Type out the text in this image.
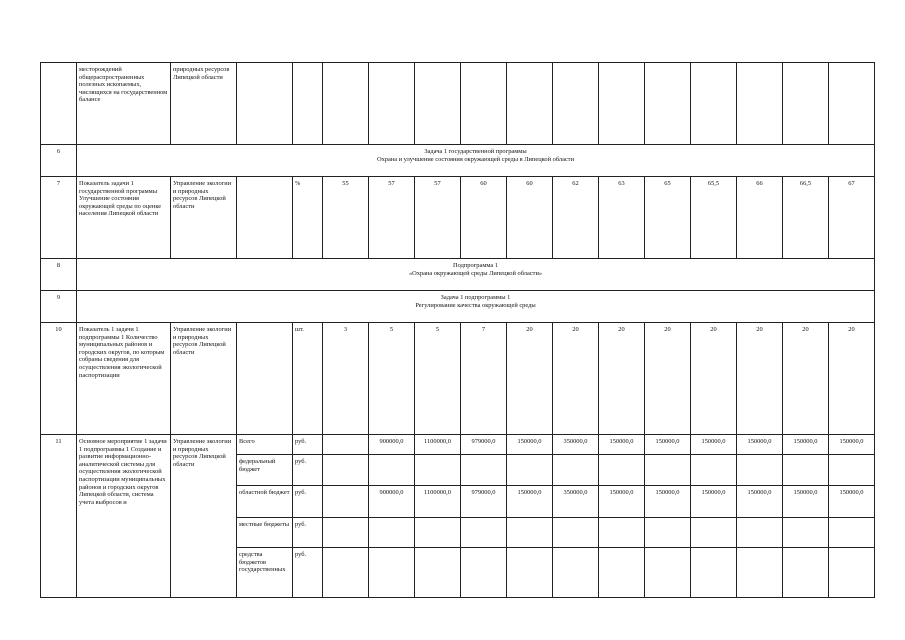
	месторождений общераспространенных полезных ископаемых, числящихся на государственном балансе	природных ресурсов Липецкой области														
6	Задача 1 государственной программы
Охрана и улучшение состояния окружающей среды в Липецкой области															

7	Показатель задачи 1 государственной программы Улучшение состояния окружающей среды по оценке населения Липецкой области	Управление экологии и природных ресурсов Липецкой области		%	55	57	57	60	60	62	63	65	65,5	66	66,5	67
8	Подпрограмма 1
«Охрана окружающей среды Липецкой области»															

9	Задача 1 подпрограммы 1
Регулирование качества окружающей среды															

10	Показатель 1 задачи 1 подпрограммы 1 Количество муниципальных районов и городских округов, по которым собраны сведения для осуществления экологической паспортизации	Управление экологии и природных ресурсов Липецкой области		шт.	3	5	5	7	20	20	20	20	20	20	20	20
11	Основное мероприятие 1 задачи 1 подпрограммы 1 Создание и развитие информационно-аналитической системы для осуществления экологической паспортизации муниципальных районов и городских округов Липецкой области, система учета выбросов и	Управление экологии и природных ресурсов Липецкой области	Всего	руб.		900000,0	1100000,0	979000,0	150000,0	350000,0	150000,0	150000,0	150000,0	150000,0	150000,0	150000,0
			федеральный бюджет	руб.												
			областной бюджет	руб.		900000,0	1100000,0	979000,0	150000,0	350000,0	150000,0	150000,0	150000,0	150000,0	150000,0	150000,0
			местные бюджеты	руб.												
			средства бюджетов государственных	руб.												
